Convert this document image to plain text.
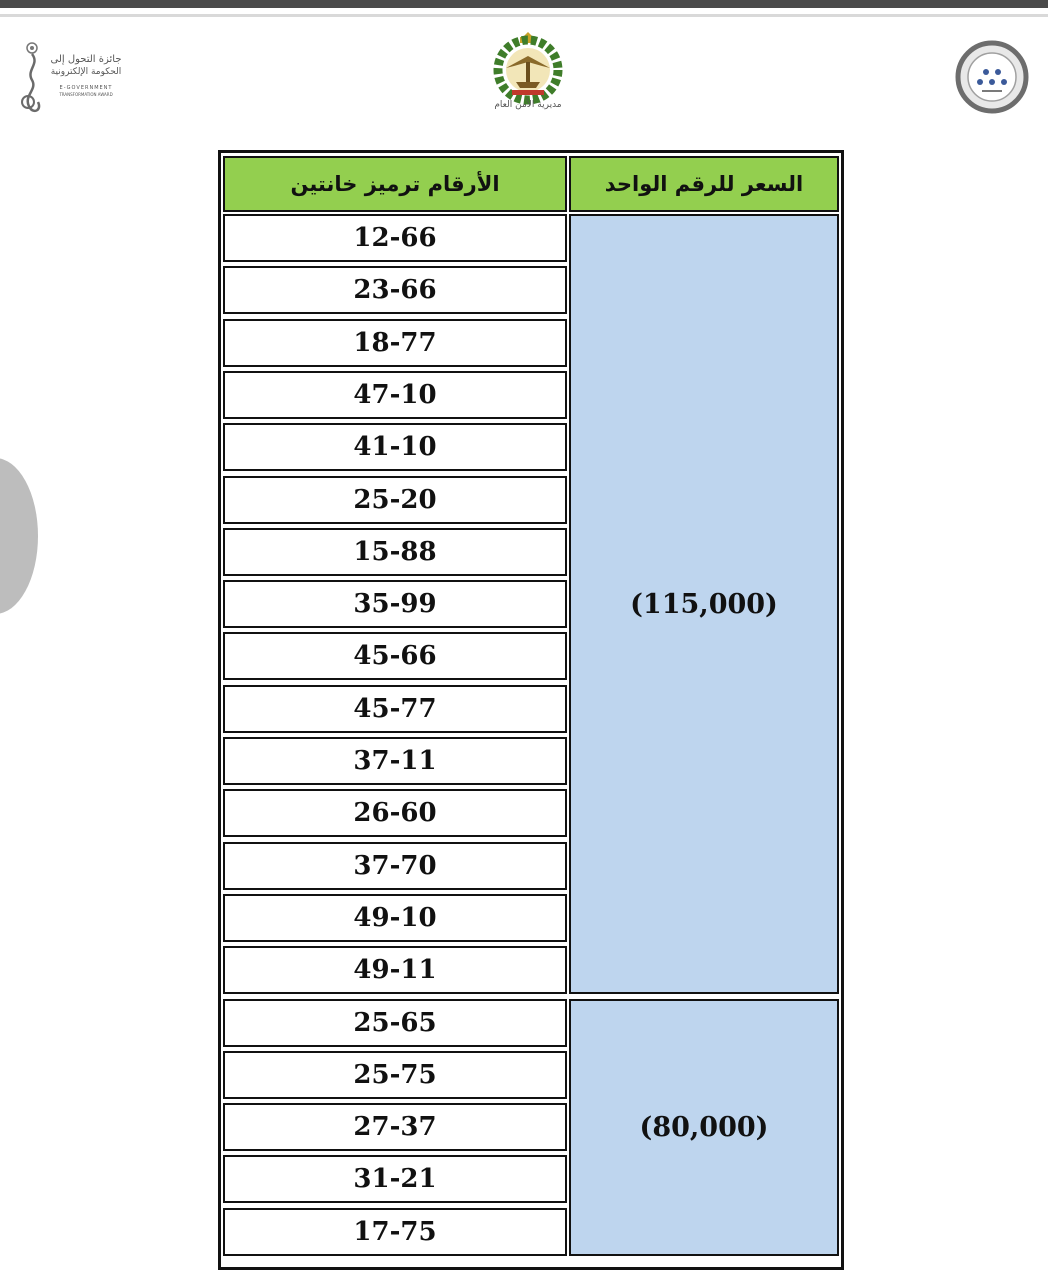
جائزة التحول إلى
الحكومة الإلكترونية
E-GOVERNMENT
TRANSFORMATION AWARD
مديرية الأمن العام
الأرقام ترميز خانتين	السعر للرقم الواحد
12-66
23-66
18-77
47-10
41-10
25-20
15-88
35-99
45-66
45-77
37-11
26-60
37-70
49-10
49-11
(115,000)
25-65
25-75
27-37
31-21
17-75
(80,000)
